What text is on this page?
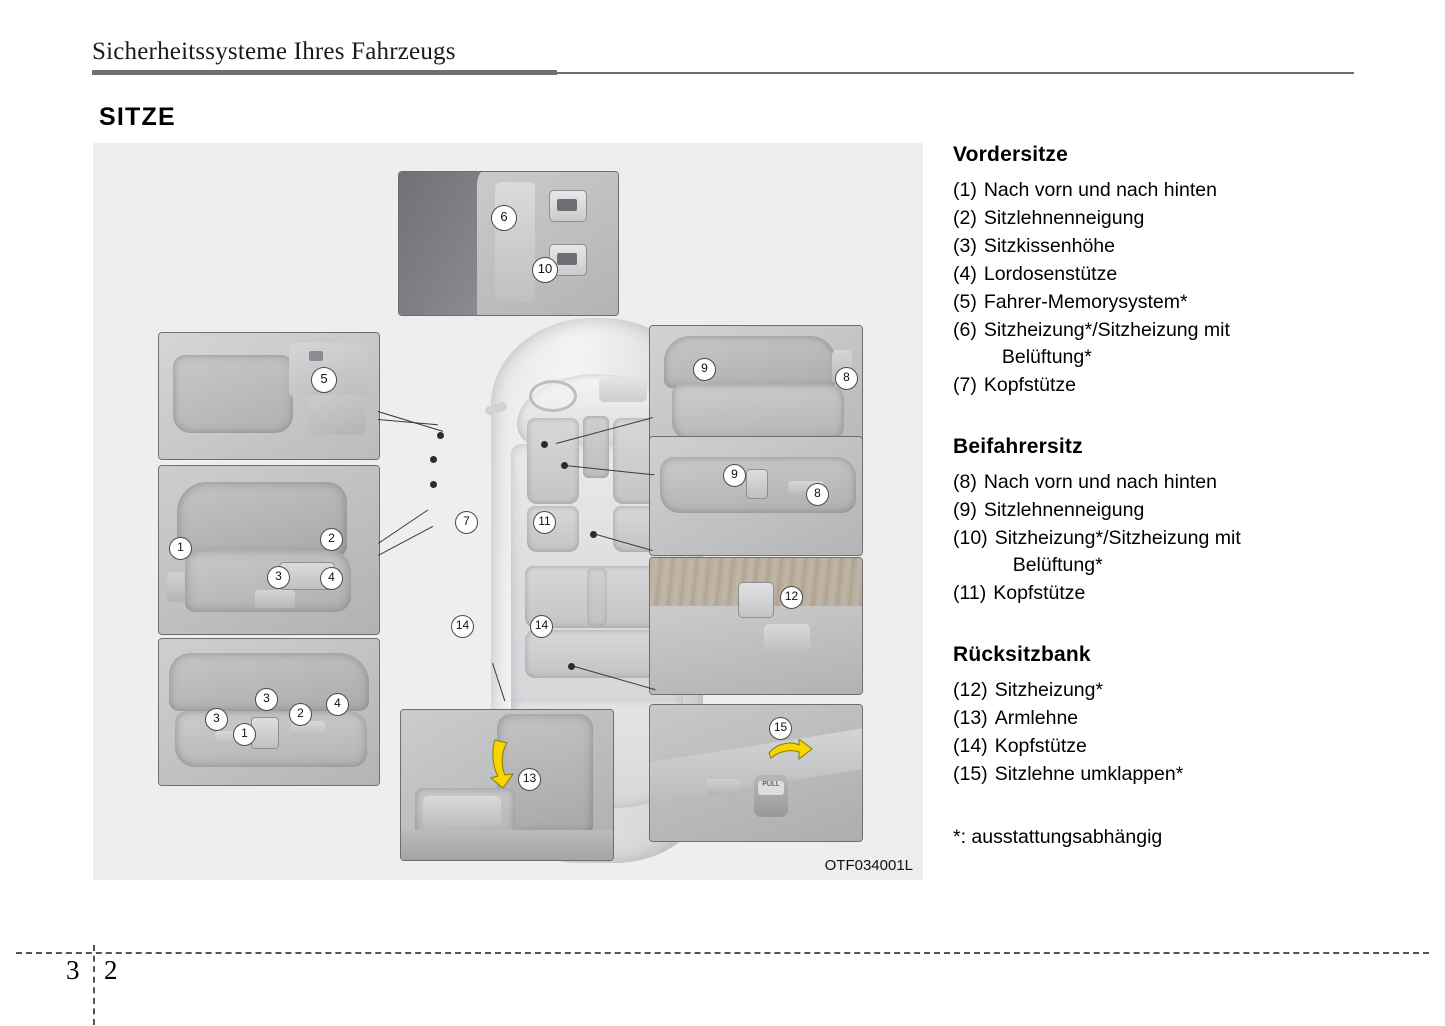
Sicherheitssysteme Ihres Fahrzeugs
SITZE
6
10
5
1
2
3	4
2
4
3
3
1
9
8
9
8
12
PULL
15
13
7	11
14	14
OTF034001L
Vordersitze
(1) Nach vorn und nach hinten
(2) Sitzlehnenneigung
(3) Sitzkissenhöhe
(4) Lordosenstütze
(5) Fahrer-Memorysystem*
(6) Sitzheizung*/Sitzheizung mit
Belüftung*
(7) Kopfstütze
Beifahrersitz
(8) Nach vorn und nach hinten
(9) Sitzlehnenneigung
(10) Sitzheizung*/Sitzheizung mit
Belüftung*
(11) Kopfstütze
Rücksitzbank
(12) Sitzheizung*
(13) Armlehne
(14) Kopfstütze
(15) Sitzlehne umklappen*
*: ausstattungsabhängig
3 2
